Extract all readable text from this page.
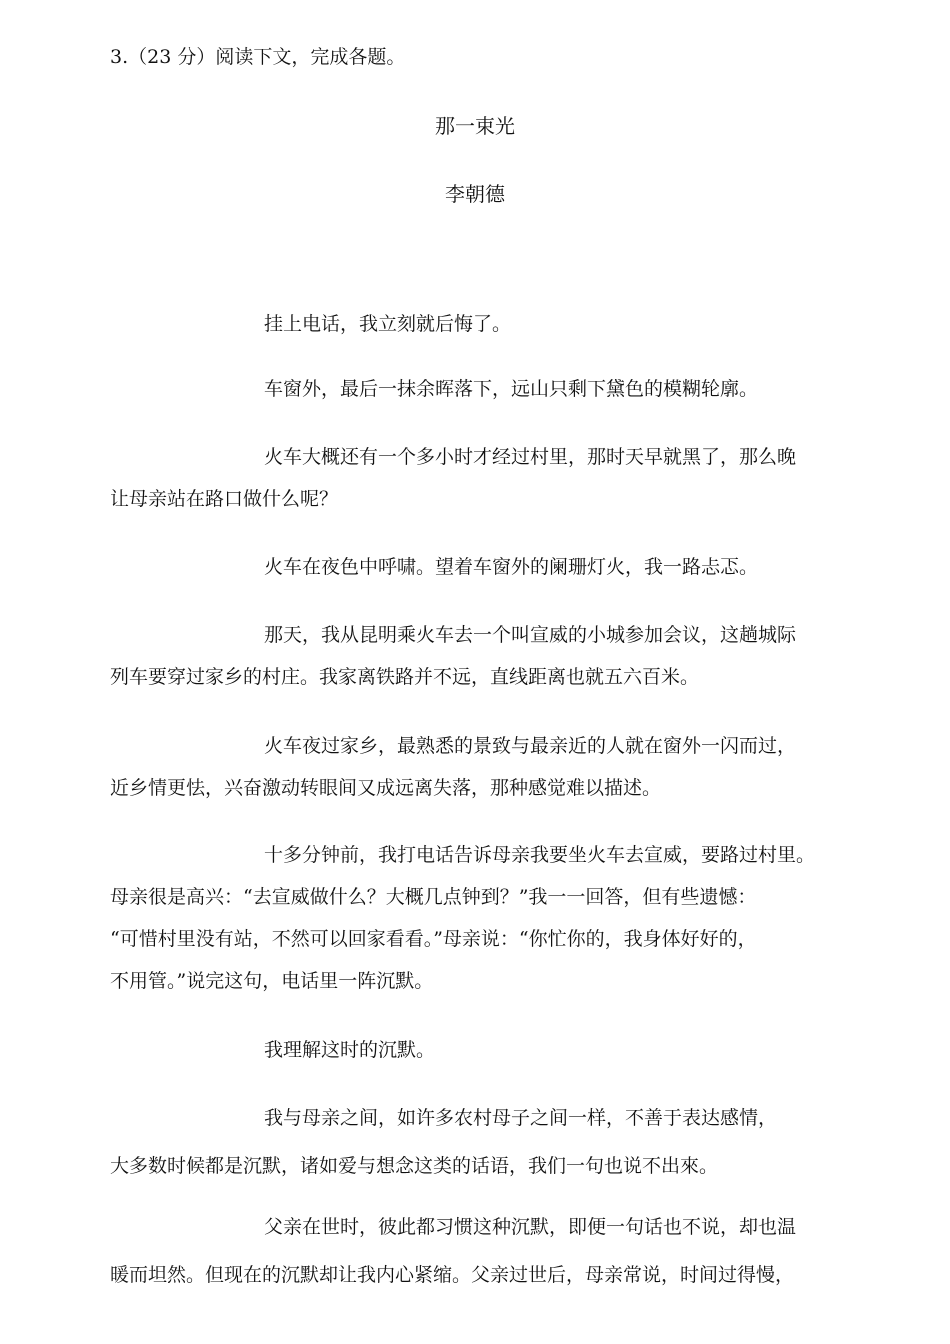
3.（23 分）阅读下文，完成各题。
那一束光
李朝德
挂上电话，我立刻就后悔了。
车窗外，最后一抹余晖落下，远山只剩下黛色的模糊轮廓。
火车大概还有一个多小时才经过村里，那时天早就黑了，那么晚
让母亲站在路口做什么呢？
火车在夜色中呼啸。望着车窗外的阑珊灯火，我一路忐忑。
那天，我从昆明乘火车去一个叫宣威的小城参加会议，这趟城际
列车要穿过家乡的村庄。我家离铁路并不远，直线距离也就五六百米。
火车夜过家乡，最熟悉的景致与最亲近的人就在窗外一闪而过，
近乡情更怯，兴奋激动转眼间又成远离失落，那种感觉难以描述。
十多分钟前，我打电话告诉母亲我要坐火车去宣威，要路过村里。
母亲很是高兴：“去宣威做什么？大概几点钟到？”我一一回答，但有些遗憾：
“可惜村里没有站，不然可以回家看看。”母亲说：“你忙你的，我身体好好的，
不用管。”说完这句，电话里一阵沉默。
我理解这时的沉默。
我与母亲之间，如许多农村母子之间一样，不善于表达感情，
大多数时候都是沉默，诸如爱与想念这类的话语，我们一句也说不出來。
父亲在世时，彼此都习惯这种沉默，即便一句话也不说，却也温
暖而坦然。但现在的沉默却让我内心紧缩。父亲过世后，母亲常说，时间过得慢，
